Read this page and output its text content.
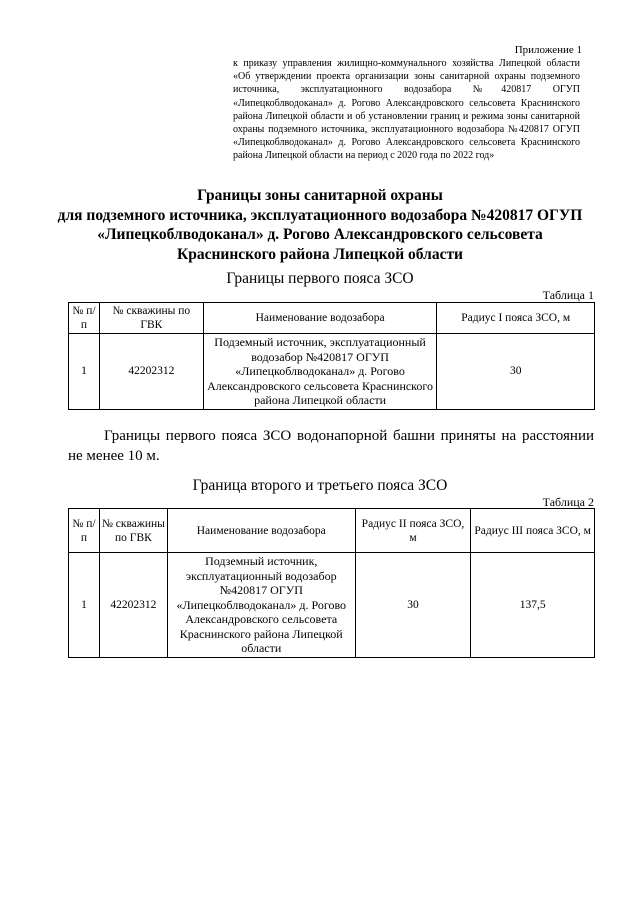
Приложение 1
к приказу управления жилищно-коммунального хозяйства Липецкой области «Об утверждении проекта организации зоны санитарной охраны подземного источника, эксплуатационного водозабора №420817 ОГУП «Липецкоблводоканал» д. Рогово Александровского сельсовета Краснинского района Липецкой области и об установлении границ и режима зоны санитарной охраны подземного источника, эксплуатационного водозабора №420817 ОГУП «Липецкоблводоканал» д. Рогово Александровского сельсовета Краснинского района Липецкой области на период с 2020 года по 2022 год»
Границы зоны санитарной охраны
для подземного источника, эксплуатационного водозабора №420817 ОГУП
«Липецкоблводоканал» д. Рогово Александровского сельсовета
Краснинского района Липецкой области
Границы первого пояса ЗСО
Таблица 1
№ п/п	№ скважины по ГВК	Наименование водозабора	Радиус I пояса ЗСО, м
1	42202312	Подземный источник, эксплуатационный водозабор №420817 ОГУП «Липецкоблводоканал» д. Рогово Александровского сельсовета Краснинского района Липецкой области	30
Границы первого пояса ЗСО водонапорной башни приняты на расстоянии не менее 10 м.
Граница второго и третьего пояса ЗСО
Таблица 2
№ п/п	№ скважины по ГВК	Наименование водозабора	Радиус II пояса ЗСО, м	Радиус III пояса ЗСО, м
1	42202312	Подземный источник, эксплуатационный водозабор №420817 ОГУП «Липецкоблводоканал» д. Рогово Александровского сельсовета Краснинского района Липецкой области	30	137,5
